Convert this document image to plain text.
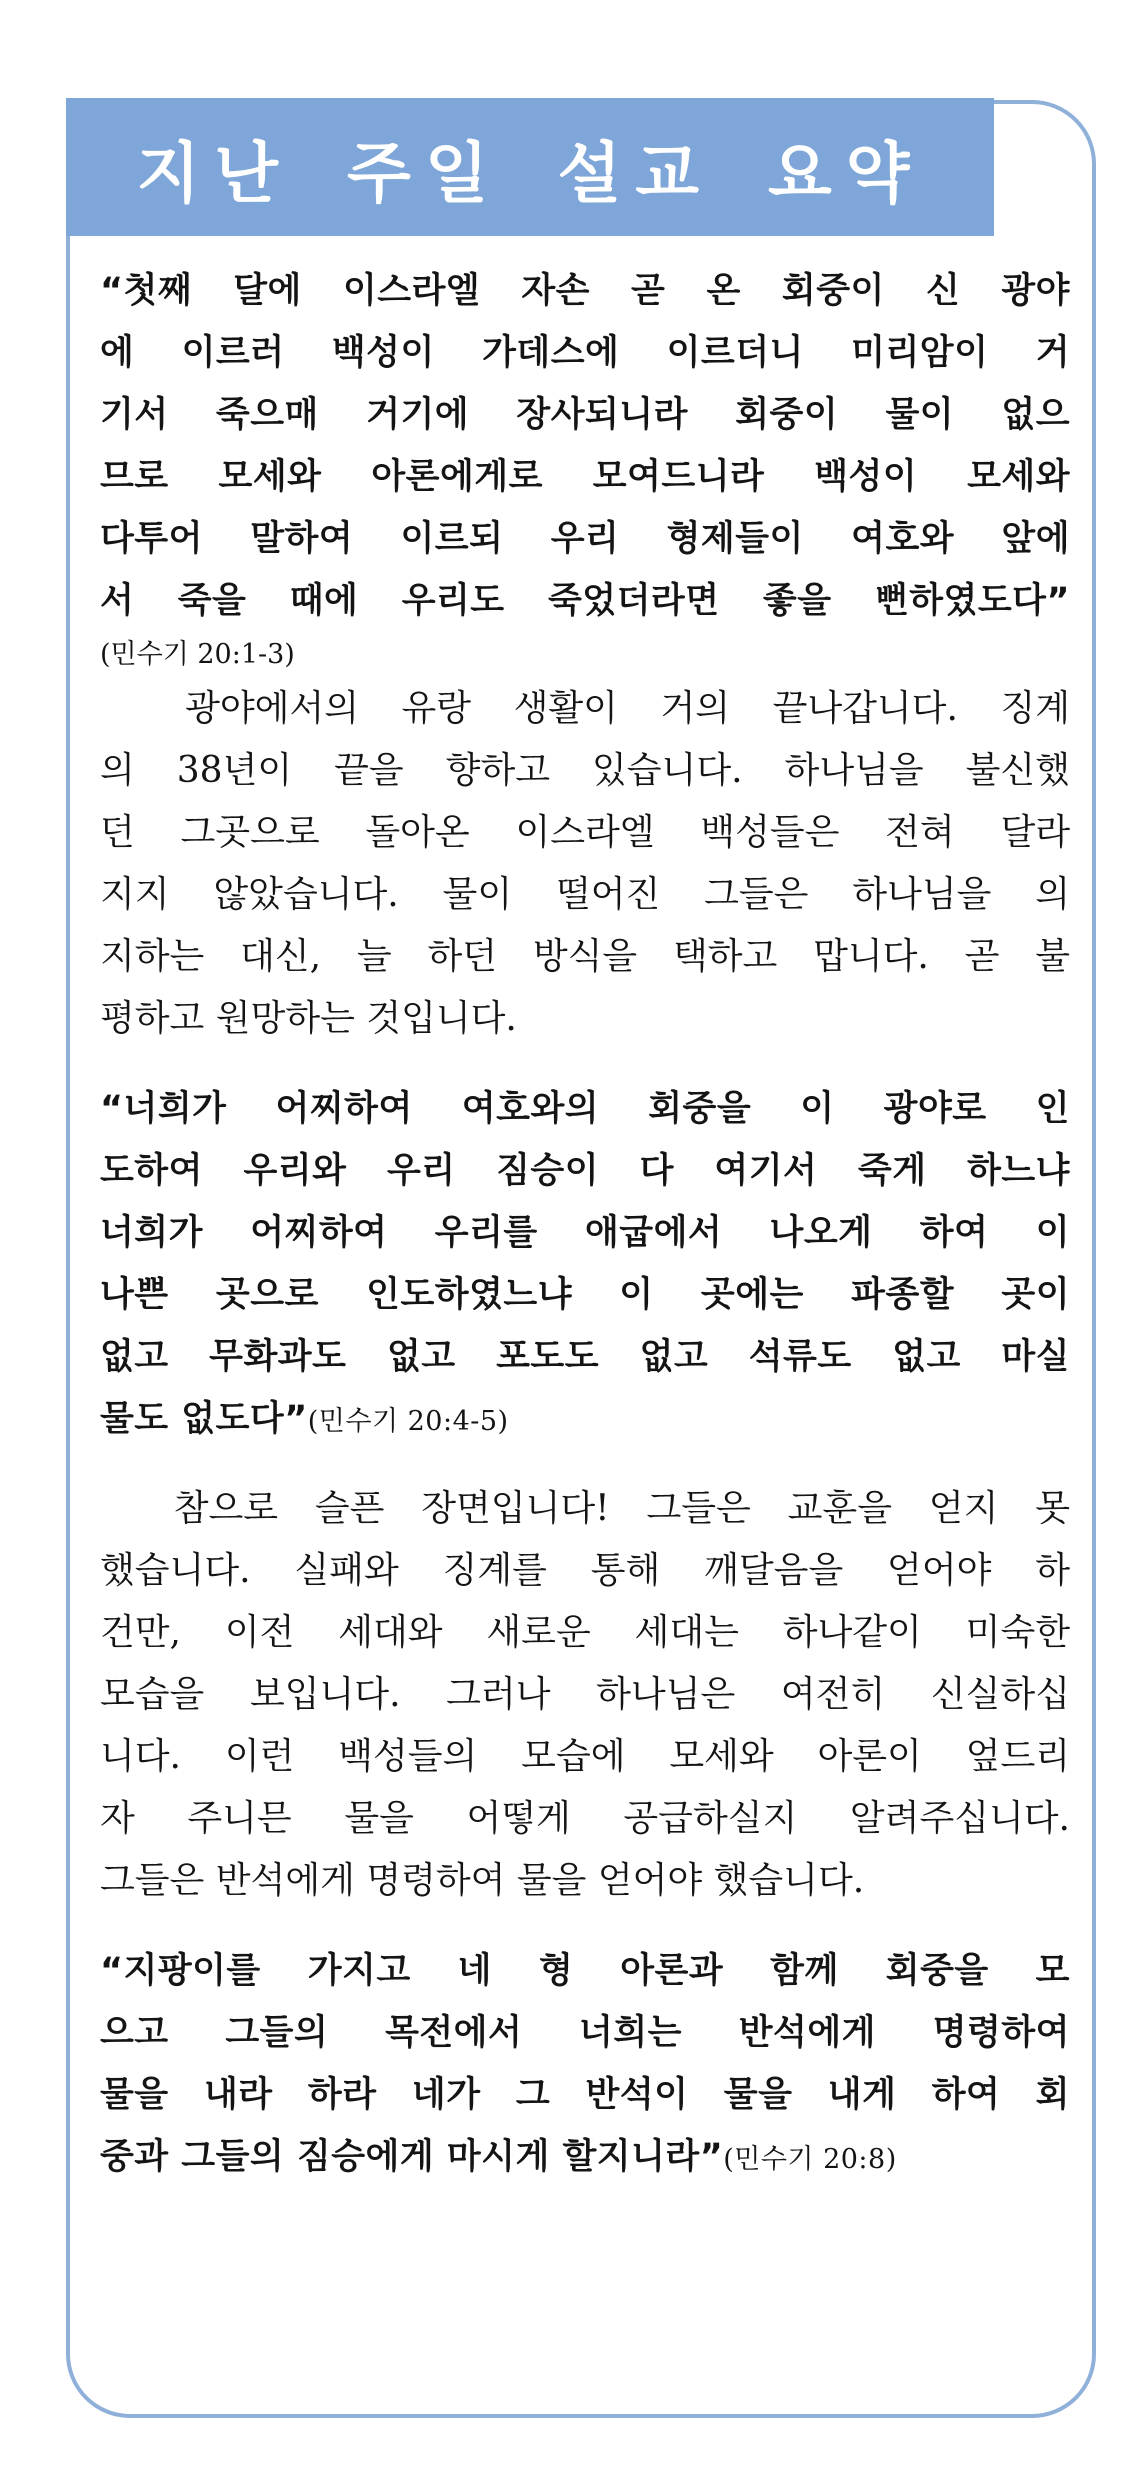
지난 주일 설교 요약
“첫째 달에 이스라엘 자손 곧 온 회중이 신 광야
에 이르러 백성이 가데스에 이르더니 미리암이 거
기서 죽으매 거기에 장사되니라 회중이 물이 없으
므로 모세와 아론에게로 모여드니라 백성이 모세와
다투어 말하여 이르되 우리 형제들이 여호와 앞에
서 죽을 때에 우리도 죽었더라면 좋을 뻔하였도다”
(민수기 20:1-3)
광야에서의 유랑 생활이 거의 끝나갑니다. 징계
의 38년이 끝을 향하고 있습니다. 하나님을 불신했
던 그곳으로 돌아온 이스라엘 백성들은 전혀 달라
지지 않았습니다. 물이 떨어진 그들은 하나님을 의
지하는 대신, 늘 하던 방식을 택하고 맙니다. 곧 불
평하고 원망하는 것입니다.
“너희가 어찌하여 여호와의 회중을 이 광야로 인
도하여 우리와 우리 짐승이 다 여기서 죽게 하느냐
너희가 어찌하여 우리를 애굽에서 나오게 하여 이
나쁜 곳으로 인도하였느냐 이 곳에는 파종할 곳이
없고 무화과도 없고 포도도 없고 석류도 없고 마실
물도 없도다”(민수기 20:4-5)
참으로 슬픈 장면입니다! 그들은 교훈을 얻지 못
했습니다. 실패와 징계를 통해 깨달음을 얻어야 하
건만, 이전 세대와 새로운 세대는 하나같이 미숙한
모습을 보입니다. 그러나 하나님은 여전히 신실하십
니다. 이런 백성들의 모습에 모세와 아론이 엎드리
자 주니믄 물을 어떻게 공급하실지 알려주십니다.
그들은 반석에게 명령하여 물을 얻어야 했습니다.
“지팡이를 가지고 네 형 아론과 함께 회중을 모
으고 그들의 목전에서 너희는 반석에게 명령하여
물을 내라 하라 네가 그 반석이 물을 내게 하여 회
중과 그들의 짐승에게 마시게 할지니라”(민수기 20:8)
